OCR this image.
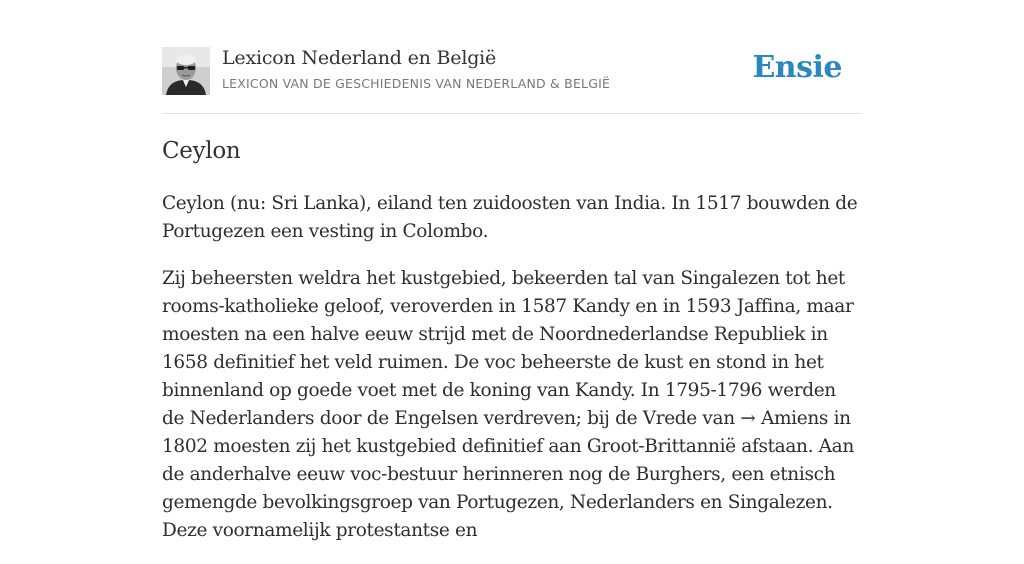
Lexicon Nederland en België
LEXICON VAN DE GESCHIEDENIS VAN NEDERLAND & BELGIË	Ensie
Ceylon

Ceylon (nu: Sri Lanka), eiland ten zuidoosten van India. In 1517 bouwden de Portugezen een vesting in Colombo.

Zij beheersten weldra het kustgebied, bekeerden tal van Singalezen tot het rooms-katholieke geloof, veroverden in 1587 Kandy en in 1593 Jaffina, maar moesten na een halve eeuw strijd met de Noordnederlandse Republiek in 1658 definitief het veld ruimen. De voc beheerste de kust en stond in het binnenland op goede voet met de koning van Kandy. In 1795-1796 werden de Nederlanders door de Engelsen verdreven; bij de Vrede van → Amiens in 1802 moesten zij het kustgebied definitief aan Groot-Brittannië afstaan. Aan de anderhalve eeuw voc-bestuur herinneren nog de Burghers, een etnisch gemengde bevolkingsgroep van Portugezen, Nederlanders en Singalezen. Deze voornamelijk protestantse en
